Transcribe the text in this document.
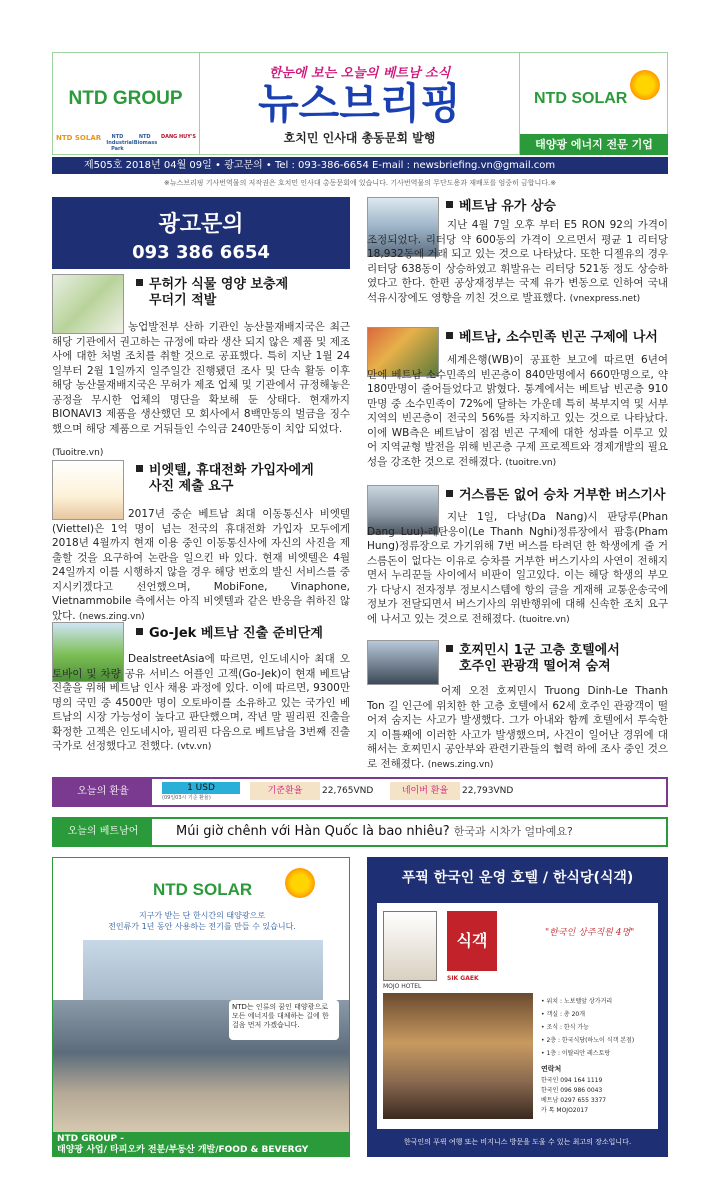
NTD GROUP
NTD SOLAR	NTD Industrial Park
NTD Biomass
DANG HUY'S
한눈에 보는 오늘의 베트남 소식
뉴스브리핑
호치민 인사대 총동문회 발행
NTD SOLAR
태양광 에너지 전문 기업
제505호 2018년 04월 09일 • 광고문의 • Tel : 093-386-6654 E-mail : newsbriefing.vn@gmail.com
※뉴스브리핑 기사번역물의 저작권은 호치민 인사대 총동문회에 있습니다. 기사번역물의 무단도용과 재배포를 엄중히 금합니다.※
광고문의
093 386 6654
무허가 식물 영양 보충제
무더기 적발
농업발전부 산하 기관인 농산물재배지국은 최근 해당 기관에서 권고하는 규정에 따라 생산 되지 않은 제품 및 제조사에 대한 처벌 조치를 취할 것으로 공표했다. 특히 지난 1월 24일부터 2월 1일까지 일주일간 진행됐던 조사 및 단속 활동 이후 해당 농산물재배지국은 무허가 제조 업체 및 기관에서 규정해놓은 공정을 무시한 업체의 명단을 확보해 둔 상태다. 현재까지 BIONAVI3 제품을 생산했던 모 회사에서 8백만동의 벌금을 징수했으며 해당 제품으로 거둬들인 수익금 240만동이 치압 되었다.
(Tuoitre.vn)
비엣텔, 휴대전화 가입자에게
사진 제출 요구
2017년 중순 베트남 최대 이동통신사 비엣텔(Viettel)은 1억 명이 넘는 전국의 휴대전화 가입자 모두에게 2018년 4월까지 현재 이용 중인 이동통신사에 자신의 사진을 제출할 것을 요구하여 논란을 일으킨 바 있다. 현재 비엣텔은 4월 24일까지 이를 시행하지 않을 경우 해당 번호의 발신 서비스를 중지시키겠다고 선언했으며, MobiFone, Vinaphone, Vietnammobile 측에서는 아직 비엣텔과 같은 반응을 취하진 않았다. (news.zing.vn)
Go-Jek 베트남 진출 준비단계
DealstreetAsia에 따르면, 인도네시아 최대 오토바이 및 차량 공유 서비스 어플인 고젝(Go-Jek)이 현재 베트남 진출을 위해 베트남 인사 채용 과정에 있다. 이에 따르면, 9300만 명의 국민 중 4500만 명이 오토바이를 소유하고 있는 국가인 베트남의 시장 가능성이 높다고 판단했으며, 작년 말 필리핀 진출을 확정한 고젝은 인도네시아, 필리핀 다음으로 베트남을 3번째 진출 국가로 선정했다고 전했다. (vtv.vn)
베트남 유가 상승
지난 4월 7일 오후 부터 E5 RON 92의 가격이 조정되었다. 리터당 약 600동의 가격이 오르면서 평균 1 리터당 18,932동에 거래 되고 있는 것으로 나타났다. 또한 디젤유의 경우 리터당 638동이 상승하였고 휘발유는 리터당 521동 정도 상승하였다고 한다. 한편 공상재정부는 국제 유가 변동으로 인하여 국내 석유시장에도 영향을 끼친 것으로 발표했다. (vnexpress.net)
베트남, 소수민족 빈곤 구제에 나서
세계은행(WB)이 공표한 보고에 따르면 6년여 만에 베트남 소수민족의 빈곤층이 840만명에서 660만명으로, 약 180만명이 줄어들었다고 밝혔다. 통계에서는 베트남 빈곤층 910만명 중 소수민족이 72%에 달하는 가운데 특히 북부지역 및 서부지역의 빈곤층이 전국의 56%를 차지하고 있는 것으로 나타났다. 이에 WB측은 베트남이 점점 빈곤 구제에 대한 성과를 이루고 있어 지역균형 발전을 위해 빈곤층 구제 프로젝트와 경제개발의 필요성을 강조한 것으로 전해졌다. (tuoitre.vn)
거스름돈 없어 승차 거부한 버스기사
지난 1일, 다낭(Da Nang)시 판당루(Phan Dang Luu)-레탄응이(Le Thanh Nghi)정류장에서 팜흥(Pham Hung)정류장으로 가기위해 7번 버스를 타려던 한 학생에게 줄 거스름돈이 없다는 이유로 승차를 거부한 버스기사의 사연이 전해지면서 누리꾼들 사이에서 비판이 일고있다. 이는 해당 학생의 부모가 다낭시 전자정부 정보시스템에 항의 글을 게재해 교통운송국에 정보가 전달되면서 버스기사의 위반행위에 대해 신속한 조치 요구에 나서고 있는 것으로 전해졌다. (tuoitre.vn)
호찌민시 1군 고층 호텔에서
호주인 관광객 떨어져 숨져
어제 오전 호찌민시 Truong Dinh-Le Thanh Ton 길 인근에 위치한 한 고층 호텔에서 62세 호주인 관광객이 떨어져 숨지는 사고가 발생했다. 그가 아내와 함께 호텔에서 투숙한지 이틀째에 이러한 사고가 발생했으며, 사건이 일어난 경위에 대해서는 호찌민시 공안부와 관련기관들의 협력 하에 조사 중인 것으로 전해졌다. (news.zing.vn)
오늘의 환율	1 USD
(09일03시 기준 환율)
기준환율	22,765VND	네이버 환율	22,793VND
오늘의 베트남어	Múi giờ chênh với Hàn Quốc là bao nhiêu? 한국과 시차가 얼마예요?
NTD SOLAR
지구가 받는 단 한시간의 태양광으로
전인류가 1년 동안 사용하는 전기를 만들 수 있습니다.
NTD는 인류의 꿈인 태양광으로 모든 에너지를 대체하는 길에 한 걸음 먼저 가겠습니다.
NTD GROUP -
태양광 사업/ 타피오카 전분/부동산 개발/FOOD & BEVERGY
푸꿕 한국인 운영 호텔 / 한식당(식객)
MOJO HOTEL
식객
SIK GAEK
"한국인 상주직원 4명"
• 위치 : 노보텔앞 상가거리
• 객실 : 총 20개
• 조식 : 한식 가능
• 2층 : 한국식당(하노이 식객 본점)
• 1층 : 이탈리안 레스토랑
연락처
한국인 094 164 1119
한국인 096 986 0043
베트남 0297 655 3377
카 톡 MOJO2017
한국인의 푸꿕 여행 또는 비지니스 방문을 도울 수 있는 최고의 장소입니다.
